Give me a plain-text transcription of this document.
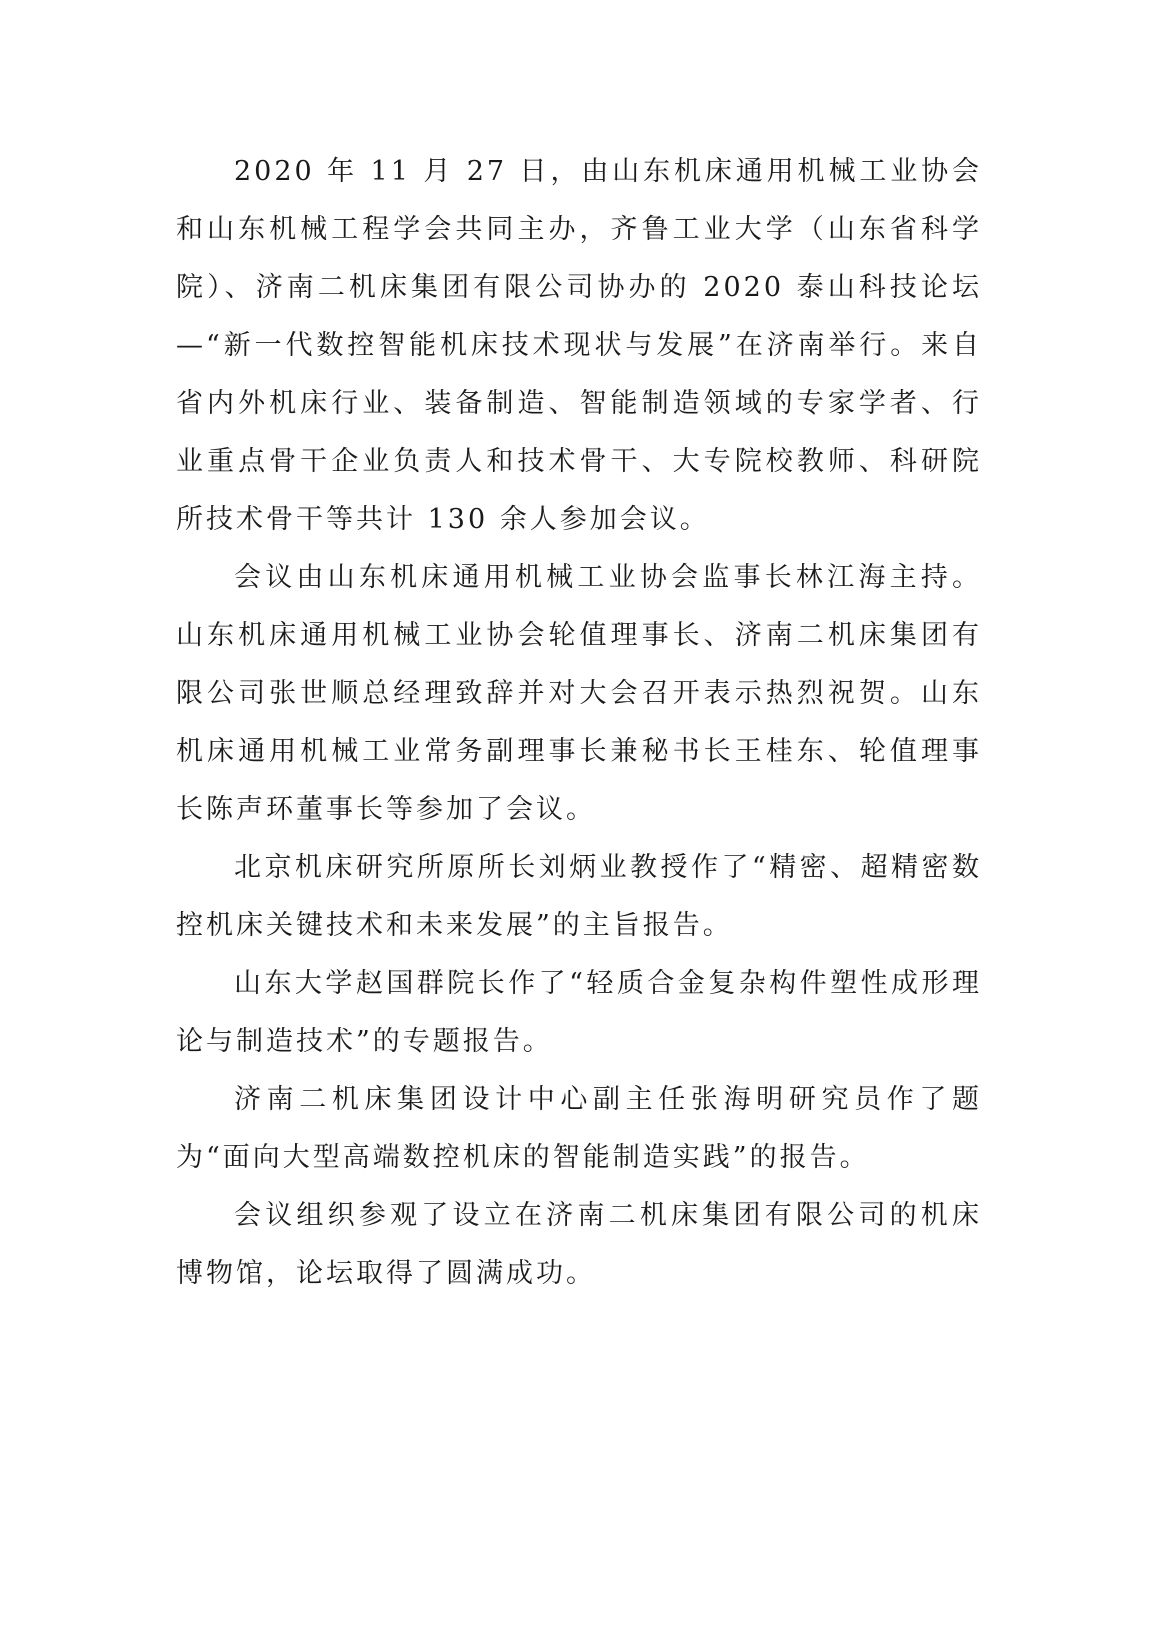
2020 年 11 月 27 日，由山东机床通用机械工业协会和山东机械工程学会共同主办，齐鲁工业大学（山东省科学院）、济南二机床集团有限公司协办的 2020 泰山科技论坛—“新一代数控智能机床技术现状与发展”在济南举行。来自省内外机床行业、装备制造、智能制造领域的专家学者、行业重点骨干企业负责人和技术骨干、大专院校教师、科研院所技术骨干等共计 130 余人参加会议。

会议由山东机床通用机械工业协会监事长林江海主持。山东机床通用机械工业协会轮值理事长、济南二机床集团有限公司张世顺总经理致辞并对大会召开表示热烈祝贺。山东机床通用机械工业常务副理事长兼秘书长王桂东、轮值理事长陈声环董事长等参加了会议。

北京机床研究所原所长刘炳业教授作了“精密、超精密数控机床关键技术和未来发展”的主旨报告。

山东大学赵国群院长作了“轻质合金复杂构件塑性成形理论与制造技术”的专题报告。

济南二机床集团设计中心副主任张海明研究员作了题为“面向大型高端数控机床的智能制造实践”的报告。

会议组织参观了设立在济南二机床集团有限公司的机床博物馆，论坛取得了圆满成功。
